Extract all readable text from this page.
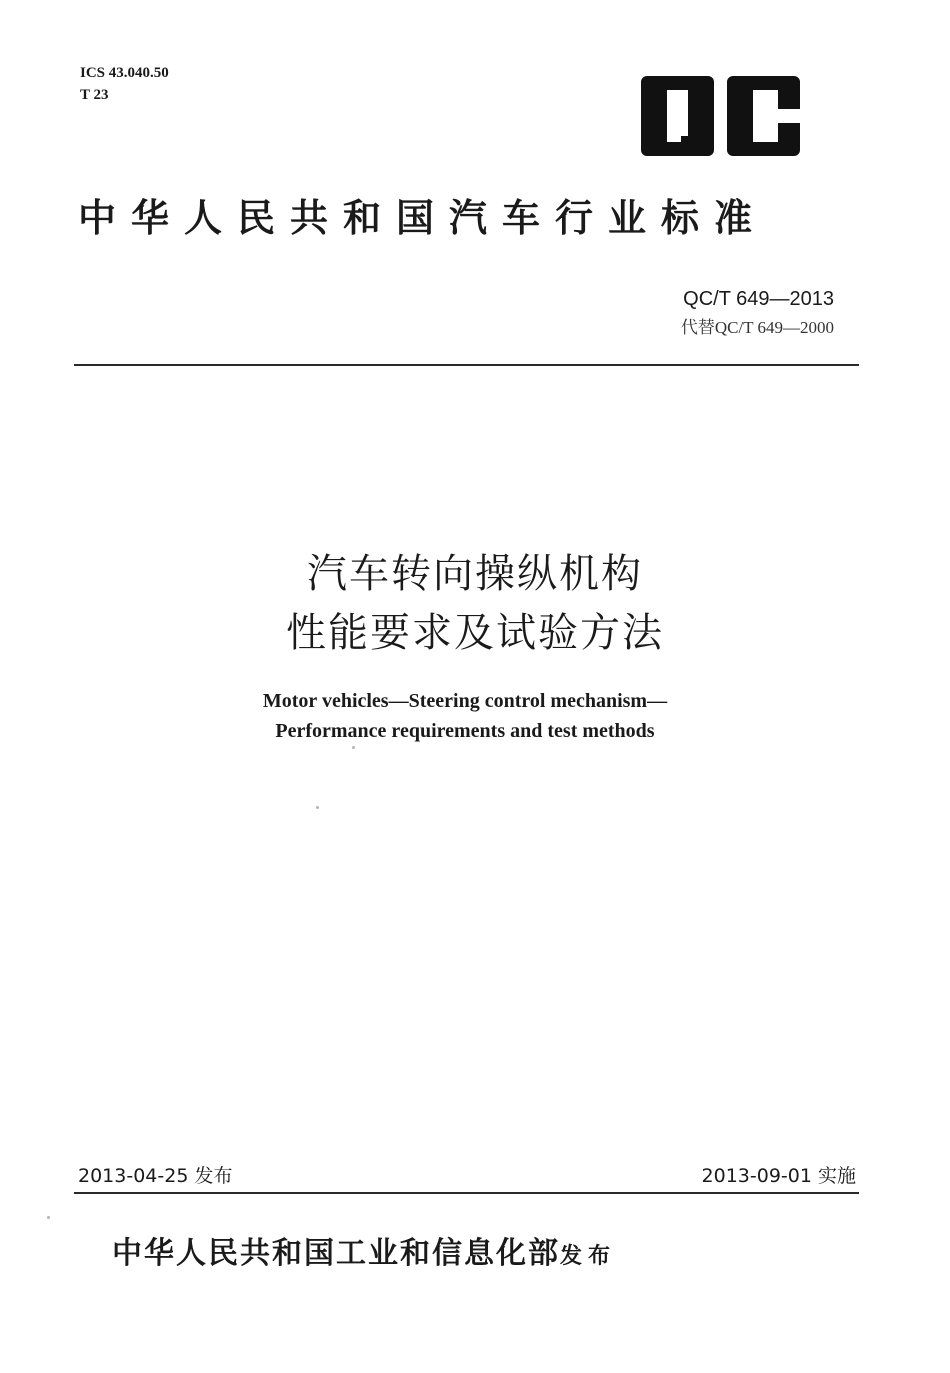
ICS 43.040.50
T 23
中华人民共和国汽车行业标准
QC/T 649—2013
代替QC/T 649—2000
汽车转向操纵机构
性能要求及试验方法
Motor vehicles—Steering control mechanism—
Performance requirements and test methods
2013-04-25 发布	2013-09-01 实施
中华人民共和国工业和信息化部发布
